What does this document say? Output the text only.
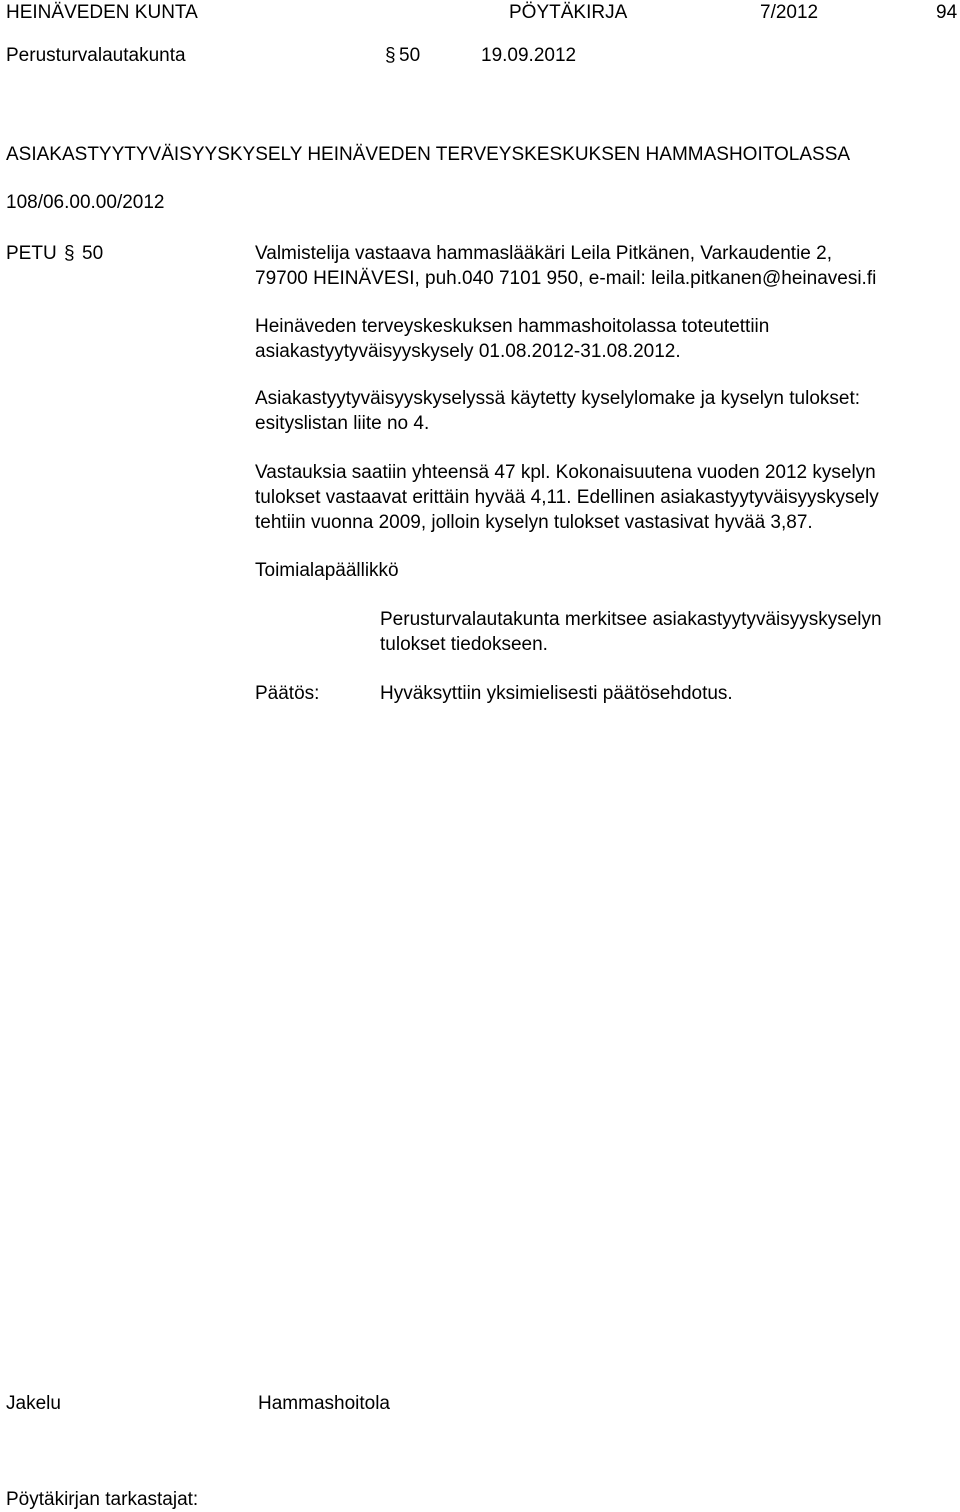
HEINÄVEDEN KUNTA	PÖYTÄKIRJA	7/2012	94
Perusturvalautakunta	§ 50	19.09.2012
ASIAKASTYYTYVÄISYYSKYSELY HEINÄVEDEN TERVEYSKESKUKSEN HAMMASHOITOLASSA
108/06.00.00/2012
PETU § 50	Valmistelija vastaava hammaslääkäri Leila Pitkänen, Varkaudentie 2,
79700 HEINÄVESI, puh.040 7101 950, e-mail: leila.pitkanen@heinavesi.fi
Heinäveden terveyskeskuksen hammashoitolassa toteutettiin
asiakastyytyväisyyskysely 01.08.2012-31.08.2012.
Asiakastyytyväisyyskyselyssä käytetty kyselylomake ja kyselyn tulokset:
esityslistan liite no 4.
Vastauksia saatiin yhteensä 47 kpl. Kokonaisuutena vuoden 2012 kyselyn
tulokset vastaavat erittäin hyvää 4,11. Edellinen asiakastyytyväisyyskysely
tehtiin vuonna 2009, jolloin kyselyn tulokset vastasivat hyvää 3,87.
Toimialapäällikkö
Perusturvalautakunta merkitsee asiakastyytyväisyyskyselyn
tulokset tiedokseen.
Päätös:	Hyväksyttiin yksimielisesti päätösehdotus.
Jakelu	Hammashoitola
Pöytäkirjan tarkastajat:
